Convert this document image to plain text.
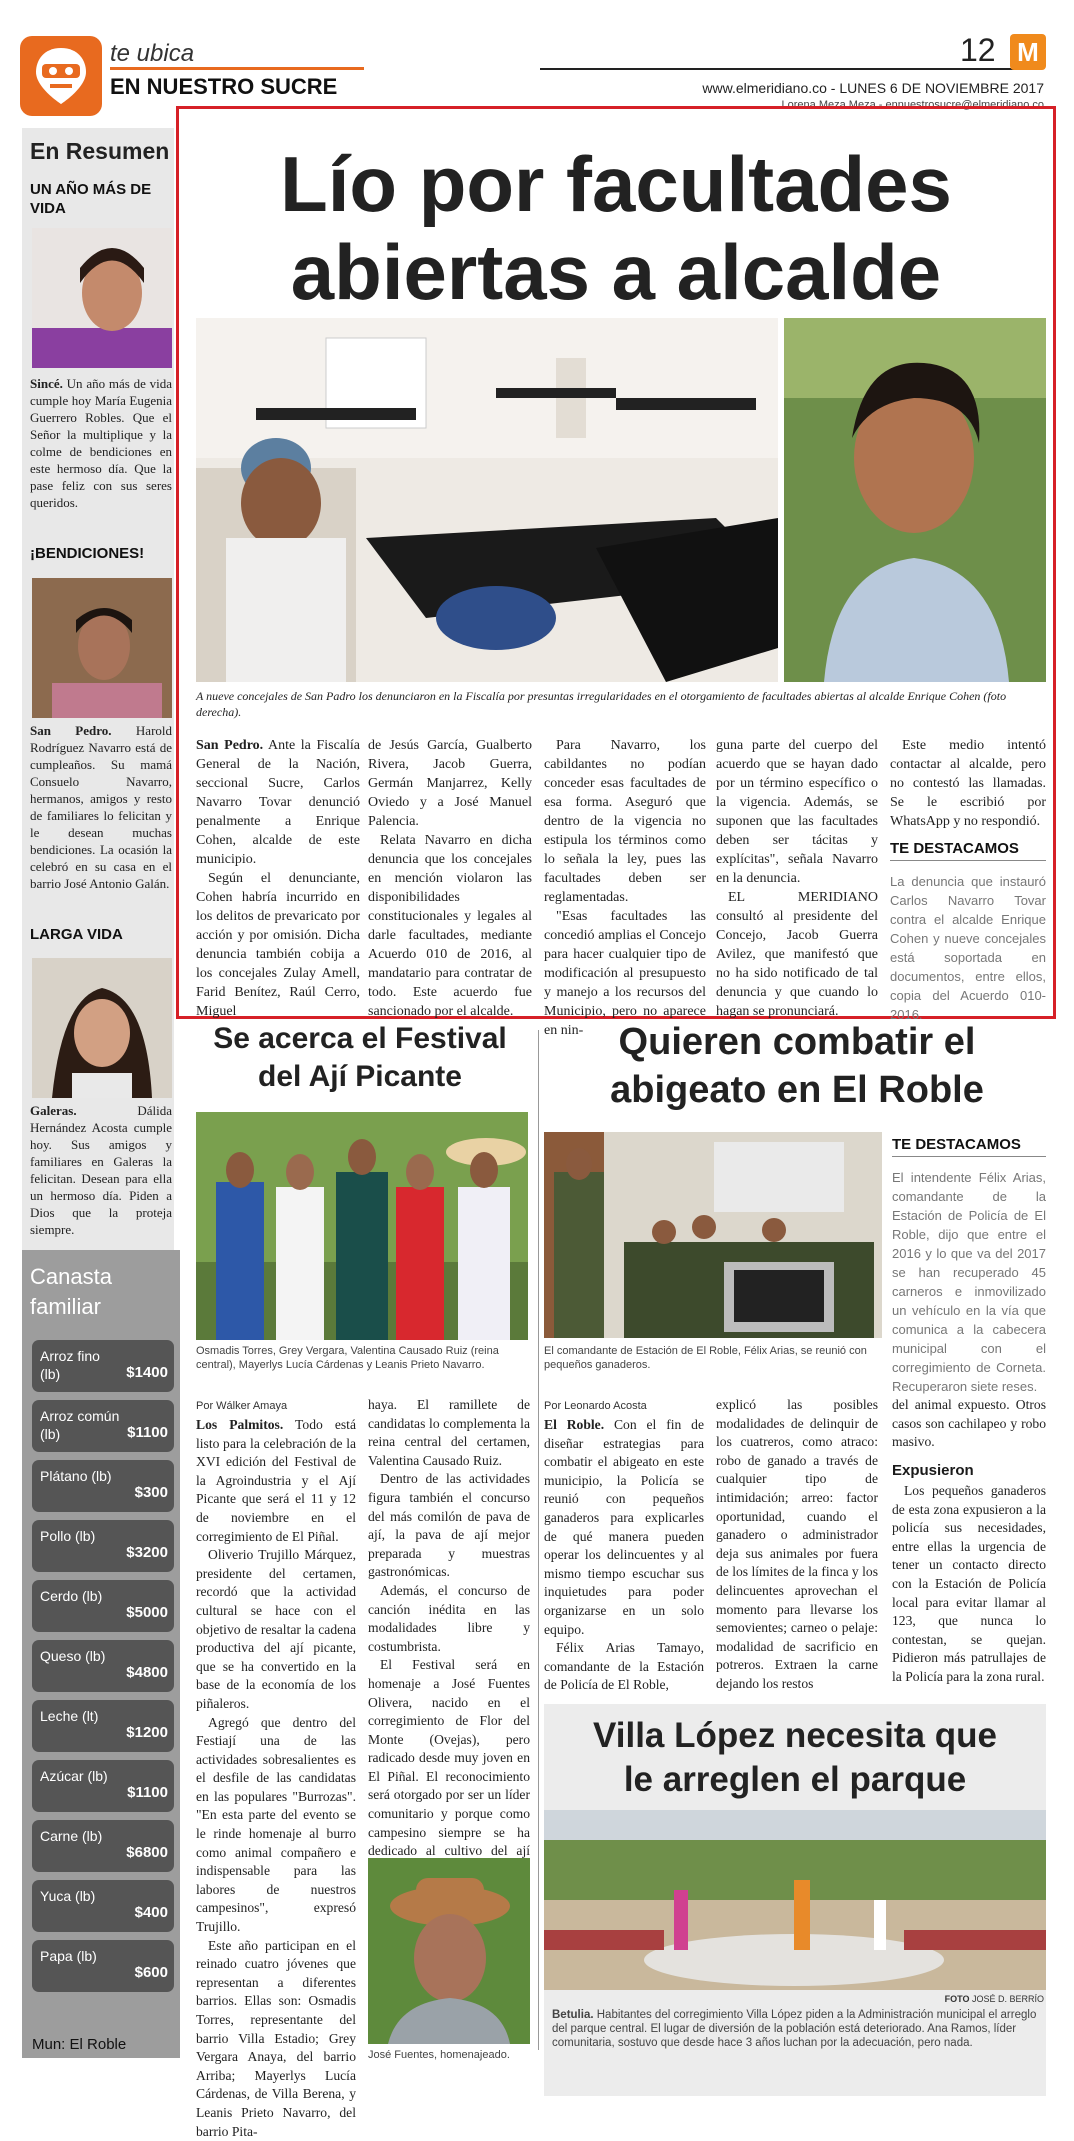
te ubica
EN NUESTRO SUCRE
12 M
www.elmeridiano.co - LUNES 6 DE NOVIEMBRE 2017
Lorena Meza Meza - ennuestrosucre@elmeridiano.co
En Resumen
UN AÑO MÁS DE VIDA
Sincé. Un año más de vida cumple hoy María Eugenia Guerrero Robles. Que el Señor la multiplique y la colme de bendiciones en este hermoso día. Que la pase feliz con sus seres queridos.
¡BENDICIONES!
San Pedro. Harold Rodríguez Navarro está de cumpleaños. Su mamá Consuelo Navarro, hermanos, amigos y resto de familiares lo felicitan y le desean muchas bendiciones. La ocasión la celebró en su casa en el barrio José Antonio Galán.
LARGA VIDA
Galeras.	Dálida Hernández Acosta cumple hoy. Sus amigos y familiares en Galeras la felicitan. Desean para ella un hermoso día. Piden a Dios que la proteja siempre.
Canasta
familiar
Arroz fino (lb)	$1400
Arroz común (lb)	$1100
Plátano (lb)
$300
Pollo (lb)
$3200
Cerdo (lb)
$5000
Queso (lb)
$4800
Leche (lt)
$1200
Azúcar (lb)
$1100
Carne (lb)
$6800
Yuca (lb)
$400
Papa (lb)
$600
Mun: El Roble
Lío por facultades
abiertas a alcalde
A nueve concejales de San Padro los denunciaron en la Fiscalía por presuntas irregularidades en el otorgamiento de facultades abiertas al alcalde Enrique Cohen (foto derecha).
San Pedro. Ante la Fiscalía General de la Nación, seccional Sucre, Carlos Navarro Tovar denunció penalmente a Enrique Cohen, alcalde de este municipio.
Según el denunciante, Cohen habría incurrido en los delitos de prevaricato por acción y por omisión. Dicha denuncia también cobija a los concejales Zulay Amell, Farid Benítez, Raúl Cerro, Miguel
de Jesús García, Gualberto Rivera, Jacob Guerra, Germán Manjarrez, Kelly Oviedo y a José Manuel Palencia.
Relata Navarro en dicha denuncia que los concejales en mención violaron las disponibilidades constitucionales y legales al darle facultades, mediante Acuerdo 010 de 2016, al mandatario para contratar de todo. Este acuerdo fue sancionado por el alcalde.
Para Navarro, los cabildantes no podían conceder esas facultades de esa forma. Aseguró que dentro de la vigencia no estipula los términos como lo señala la ley, pues las facultades deben ser reglamentadas.
"Esas facultades las concedió amplias el Concejo para hacer cualquier tipo de modificación al presupuesto y manejo a los recursos del Municipio, pero no aparece en nin-
guna parte del cuerpo del acuerdo que se hayan dado por un término específico o la vigencia. Además, se suponen que las facultades deben ser tácitas y explícitas", señala Navarro en la denuncia.
EL MERIDIANO consultó al presidente del Concejo, Jacob Guerra Avilez, que manifestó que no ha sido notificado de tal denuncia y que cuando lo hagan se pronunciará.
Este medio intentó contactar al alcalde, pero no contestó las llamadas. Se le escribió por WhatsApp y no respondió.
TE DESTACAMOS
La denuncia que instauró Carlos Navarro Tovar contra el alcalde Enrique Cohen y nueve concejales está soportada en documentos, entre ellos, copia del Acuerdo 010-2016.
Se acerca el Festival
del Ají Picante
Osmadis Torres, Grey Vergara, Valentina Causado Ruiz (reina central), Mayerlys Lucía Cárdenas y Leanis Prieto Navarro.
Por Wálker Amaya
Los Palmitos. Todo está listo para la celebración de la XVI edición del Festival de la Agroindustria y el Ají Picante que será el 11 y 12 de noviembre en el corregimiento de El Piñal.
Oliverio Trujillo Márquez, presidente del certamen, recordó que la actividad cultural se hace con el objetivo de resaltar la cadena productiva del ají picante, que se ha convertido en la base de la economía de los piñaleros.
Agregó que dentro del Festiají una de las actividades sobresalientes es el desfile de las candidatas en las populares "Burrozas". "En esta parte del evento se le rinde homenaje al burro como animal compañero e indispensable para las labores de nuestros campesinos", expresó Trujillo.
Este año participan en el reinado cuatro jóvenes que representan a diferentes barrios. Ellas son: Osmadis Torres, representante del barrio Villa Estadio; Grey Vergara Anaya, del barrio Arriba; Mayerlys Lucía Cárdenas, de Villa Berena, y Leanis Prieto Navarro, del barrio Pita-
haya. El ramillete de candidatas lo complementa la reina central del certamen, Valentina Causado Ruiz.
Dentro de las actividades figura también el concurso del más comilón de pava de ají, la pava de ají mejor preparada y muestras gastronómicas.
Además, el concurso de canción inédita en las modalidades libre y costumbrista.
El Festival será en homenaje a José Fuentes Olivera, nacido en el corregimiento de Flor del Monte (Ovejas), pero radicado desde muy joven en El Piñal. El reconocimiento será otorgado por ser un líder comunitario y porque como campesino siempre se ha dedicado al cultivo del ají
José Fuentes, homenajeado.
Quieren combatir el
abigeato en El Roble
El comandante de Estación de El Roble, Félix Arias, se reunió con pequeños ganaderos.
TE DESTACAMOS
El intendente Félix Arias, comandante de la Estación de Policía de El Roble, dijo que entre el 2016 y lo que va del 2017 se han recuperado 45 carneros e inmovilizado un vehículo en la vía que comunica a la cabecera municipal con el corregimiento de Corneta. Recuperaron siete reses.
Por Leonardo Acosta
El Roble. Con el fin de diseñar estrategias para combatir el abigeato en este municipio, la Policía se reunió con pequeños ganaderos para explicarles de qué manera pueden operar los delincuentes y al mismo tiempo escuchar sus inquietudes para poder organizarse en un solo equipo.
Félix Arias Tamayo, comandante de la Estación de Policía de El Roble,
explicó las posibles modalidades de delinquir de los cuatreros, como atraco: robo de ganado a través de cualquier tipo de intimidación; arreo: factor oportunidad, cuando el ganadero o administrador deja sus animales por fuera de los límites de la finca y los delincuentes aprovechan el momento para llevarse los semovientes; carneo o pelaje: modalidad de sacrificio en potreros. Extraen la carne dejando los restos
del animal expuesto. Otros casos son cachilapeo y robo masivo.
Expusieron
Los pequeños ganaderos de esta zona expusieron a la policía sus necesidades, entre ellas la urgencia de tener un contacto directo con la Estación de Policía local para evitar llamar al 123, que nunca lo contestan, se quejan. Pidieron más patrullajes de la Policía para la zona rural.
Villa López necesita que
le arreglen el parque
FOTO JOSÉ D. BERRÍO
Betulia. Habitantes del corregimiento Villa López piden a la Administración municipal el arreglo del parque central. El lugar de diversión de la población está deteriorado. Ana Ramos, líder comunitaria, sostuvo que desde hace 3 años luchan por la adecuación, pero nada.
